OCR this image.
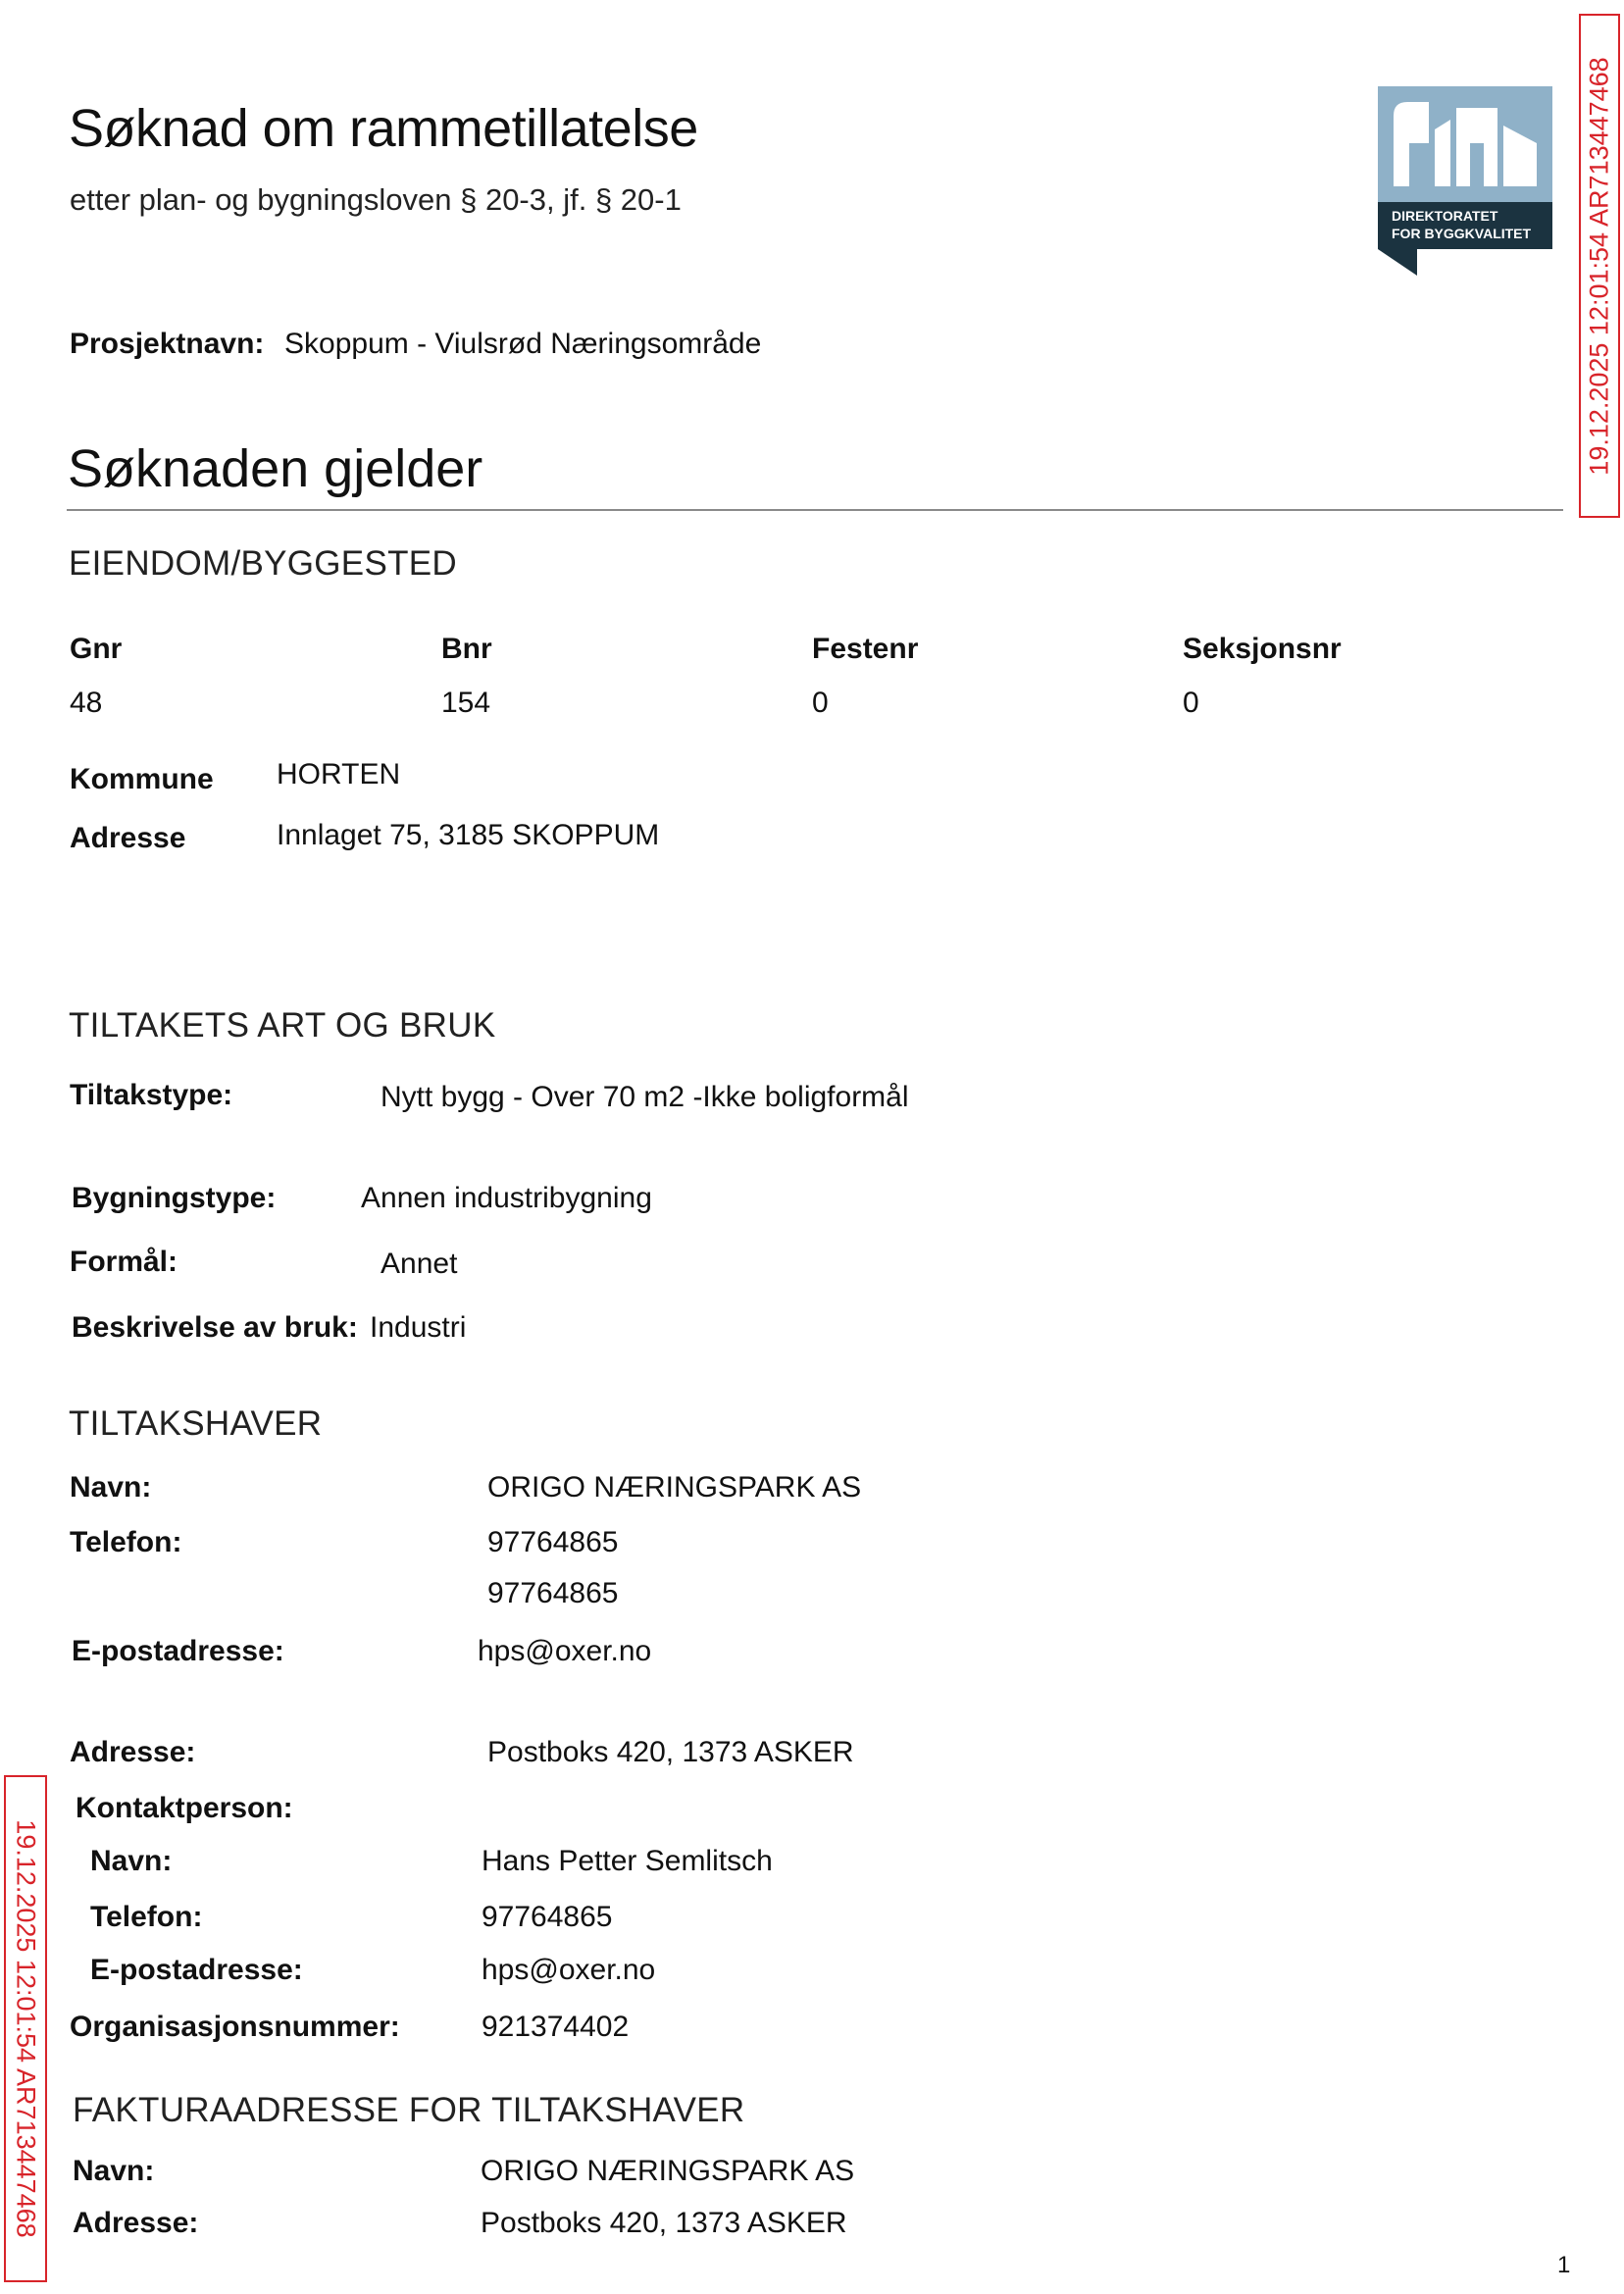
Søknad om rammetillatelse
etter plan- og bygningsloven § 20-3, jf. § 20-1
Prosjektnavn: Skoppum - Viulsrød Næringsområde
DIREKTORATET
FOR BYGGKVALITET 19.12.2025 12:01:54 AR713447468
19.12.2025 12:01:54 AR713447468
Søknaden gjelder
EIENDOM/BYGGESTED
Gnr	Bnr	Festenr	Seksjonsnr
48	154	0	0
Kommune HORTEN
Adresse	Innlaget 75, 3185 SKOPPUM
TILTAKETS ART OG BRUK
Tiltakstype:	Nytt bygg - Over 70 m2 -Ikke boligformål
Bygningstype:	Annen industribygning
Formål:	Annet
Beskrivelse av bruk: Industri
TILTAKSHAVER
Navn:	ORIGO NÆRINGSPARK AS
Telefon:	97764865
97764865
E-postadresse:	hps@oxer.no
Adresse:	Postboks 420, 1373 ASKER
Kontaktperson:
Navn:	Hans Petter Semlitsch
Telefon:	97764865
E-postadresse:	hps@oxer.no
Organisasjonsnummer:	921374402
FAKTURAADRESSE FOR TILTAKSHAVER
Navn:	ORIGO NÆRINGSPARK AS
Adresse:	Postboks 420, 1373 ASKER
1
